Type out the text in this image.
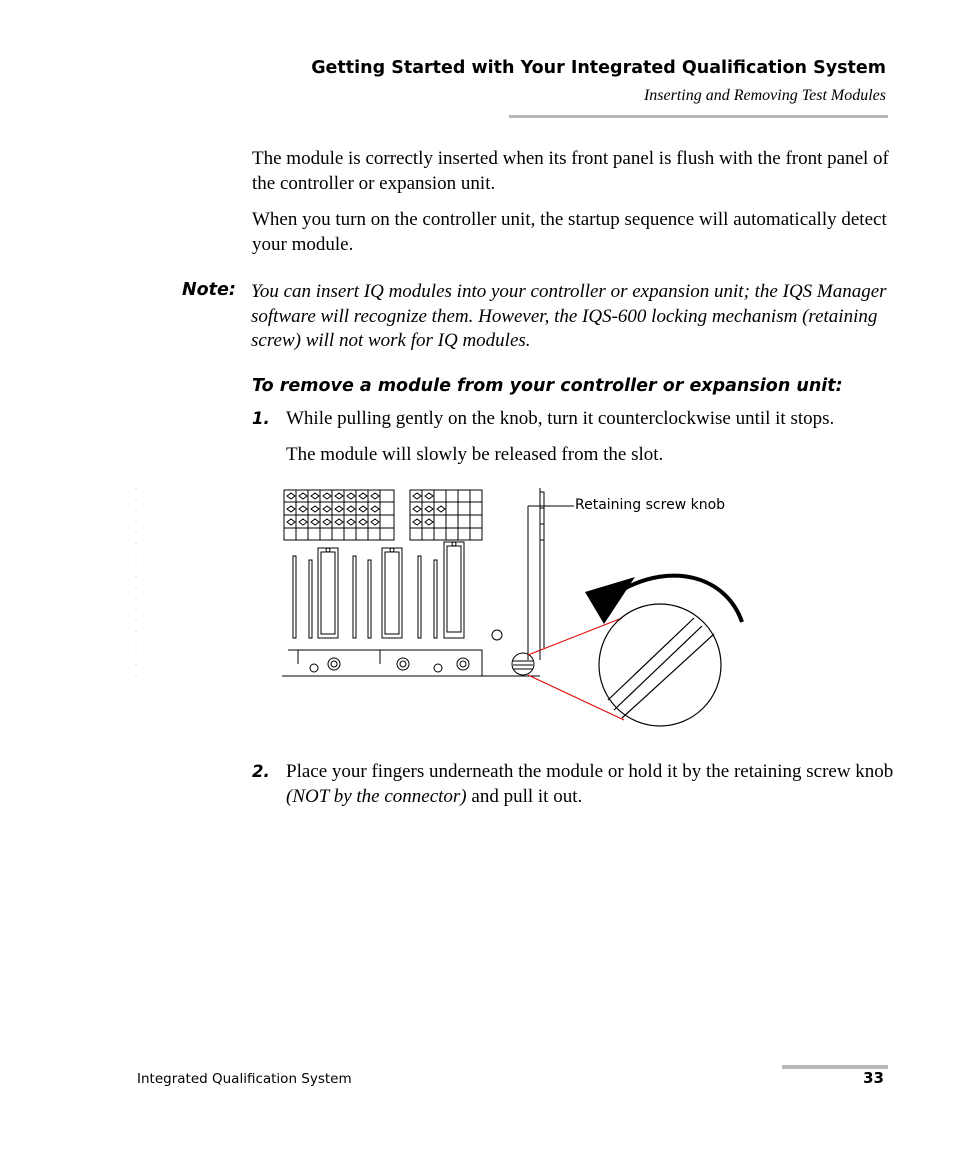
Getting Started with Your Integrated Qualification System
Inserting and Removing Test Modules

The module is correctly inserted when its front panel is flush with the front panel of the controller or expansion unit.

When you turn on the controller unit, the startup sequence will automatically detect your module.

Note: You can insert IQ modules into your controller or expansion unit; the IQS Manager software will recognize them. However, the IQS-600 locking mechanism (retaining screw) will not work for IQ modules.

To remove a module from your controller or expansion unit:
1. While pulling gently on the knob, turn it counterclockwise until it stops.

The module will slowly be released from the slot.

Retaining screw knob
2. Place your fingers underneath the module or hold it by the retaining screw knob (NOT by the connector) and pull it out.

Integrated Qualification System	33
